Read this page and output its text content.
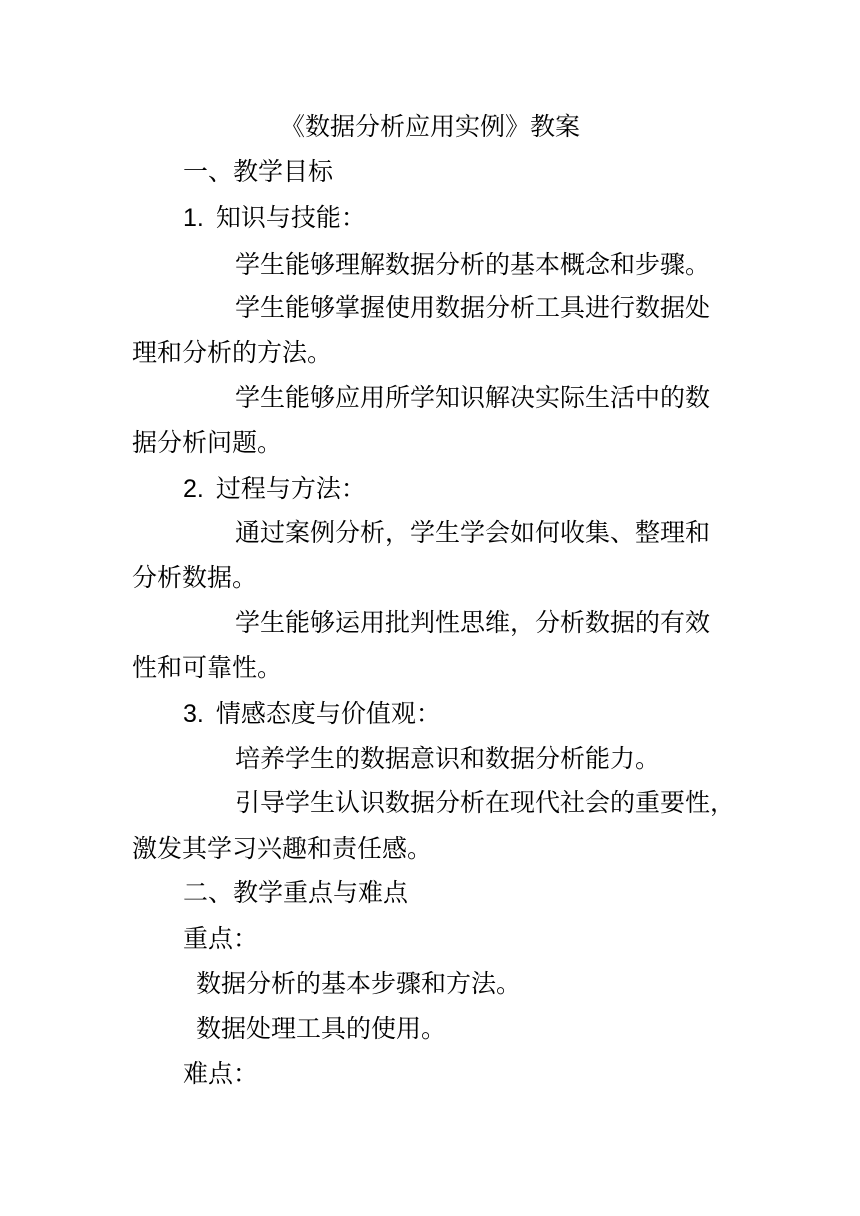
《数据分析应用实例》教案
一、教学目标
1. 知识与技能：
学生能够理解数据分析的基本概念和步骤。
学生能够掌握使用数据分析工具进行数据处
理和分析的方法。
学生能够应用所学知识解决实际生活中的数
据分析问题。
2. 过程与方法：
通过案例分析，学生学会如何收集、整理和
分析数据。
学生能够运用批判性思维，分析数据的有效
性和可靠性。
3. 情感态度与价值观：
培养学生的数据意识和数据分析能力。
引导学生认识数据分析在现代社会的重要性，
激发其学习兴趣和责任感。
二、教学重点与难点
重点：
数据分析的基本步骤和方法。
数据处理工具的使用。
难点：
